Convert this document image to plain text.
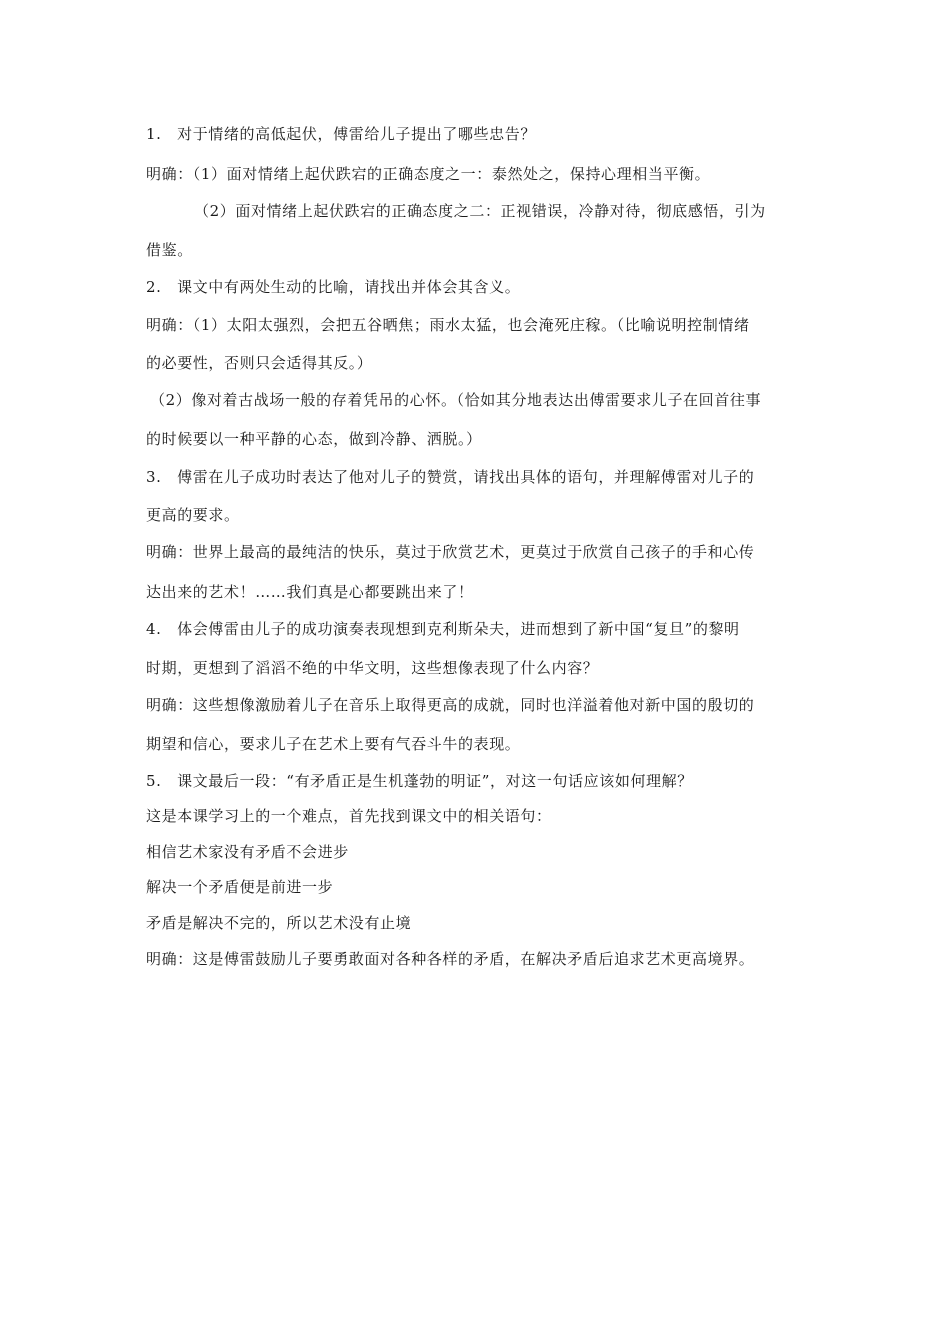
1.　对于情绪的高低起伏，傅雷给儿子提出了哪些忠告？
明确：（1）面对情绪上起伏跌宕的正确态度之一：泰然处之，保持心理相当平衡。
（2）面对情绪上起伏跌宕的正确态度之二：正视错误，冷静对待，彻底感悟，引为
借鉴。
2.　课文中有两处生动的比喻，请找出并体会其含义。
明确：（1）太阳太强烈，会把五谷晒焦；雨水太猛，也会淹死庄稼。（比喻说明控制情绪
的必要性，否则只会适得其反。）
（2）像对着古战场一般的存着凭吊的心怀。（恰如其分地表达出傅雷要求儿子在回首往事
的时候要以一种平静的心态，做到冷静、洒脱。）
3.　傅雷在儿子成功时表达了他对儿子的赞赏，请找出具体的语句，并理解傅雷对儿子的
更高的要求。
明确：世界上最高的最纯洁的快乐，莫过于欣赏艺术，更莫过于欣赏自己孩子的手和心传
达出来的艺术！……我们真是心都要跳出来了！
4.　体会傅雷由儿子的成功演奏表现想到克利斯朵夫，进而想到了新中国“复旦”的黎明
时期，更想到了滔滔不绝的中华文明，这些想像表现了什么内容？
明确：这些想像激励着儿子在音乐上取得更高的成就，同时也洋溢着他对新中国的殷切的
期望和信心，要求儿子在艺术上要有气吞斗牛的表现。
5.　课文最后一段：“有矛盾正是生机蓬勃的明证”，对这一句话应该如何理解？
这是本课学习上的一个难点，首先找到课文中的相关语句：
相信艺术家没有矛盾不会进步
解决一个矛盾便是前进一步
矛盾是解决不完的，所以艺术没有止境
明确：这是傅雷鼓励儿子要勇敢面对各种各样的矛盾，在解决矛盾后追求艺术更高境界。
